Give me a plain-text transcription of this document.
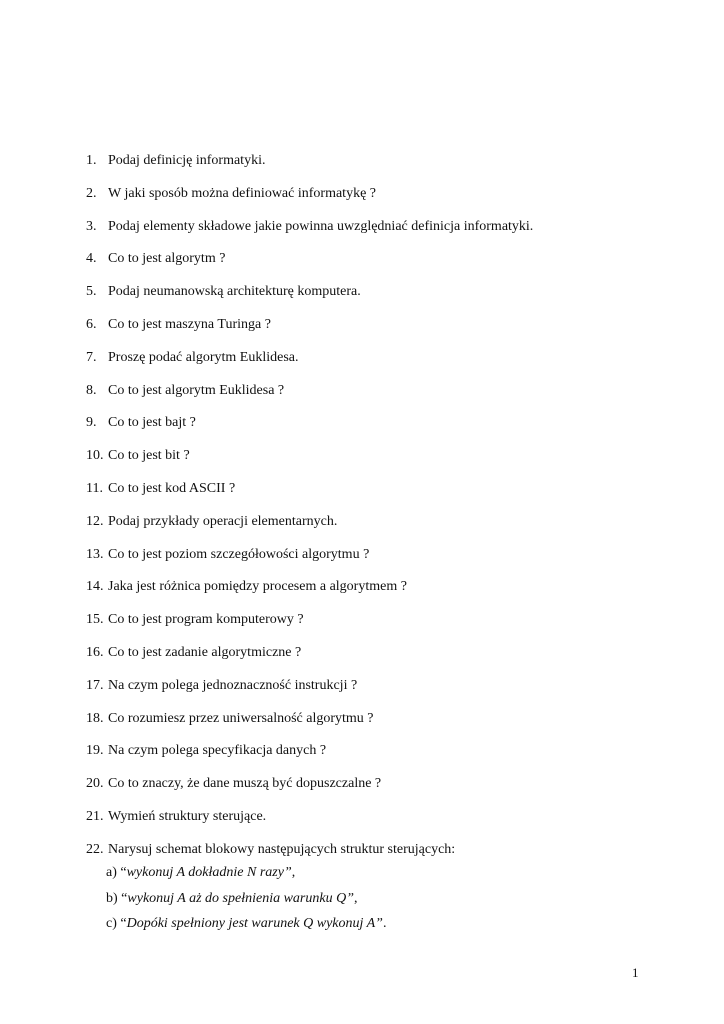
1. Podaj definicję informatyki.
2. W jaki sposób można definiować informatykę ?
3. Podaj elementy składowe jakie powinna uwzględniać definicja informatyki.
4. Co to jest algorytm ?
5. Podaj neumanowską architekturę komputera.
6. Co to jest maszyna Turinga ?
7. Proszę podać algorytm Euklidesa.
8. Co to jest algorytm Euklidesa ?
9. Co to jest bajt ?
10. Co to jest bit ?
11. Co to jest kod ASCII ?
12. Podaj przykłady operacji elementarnych.
13. Co to jest poziom szczegółowości algorytmu ?
14. Jaka jest różnica pomiędzy procesem a algorytmem ?
15. Co to jest program komputerowy ?
16. Co to jest zadanie algorytmiczne ?
17. Na czym polega jednoznaczność instrukcji ?
18. Co rozumiesz przez uniwersalność algorytmu ?
19. Na czym polega specyfikacja danych ?
20. Co to znaczy, że dane muszą być dopuszczalne ?
21. Wymień struktury sterujące.
22. Narysuj schemat blokowy następujących struktur sterujących:
a) “wykonuj A dokładnie N razy”,
b) “wykonuj A aż do spełnienia warunku Q”,
c) “Dopóki spełniony jest warunek Q wykonuj A”.
1
